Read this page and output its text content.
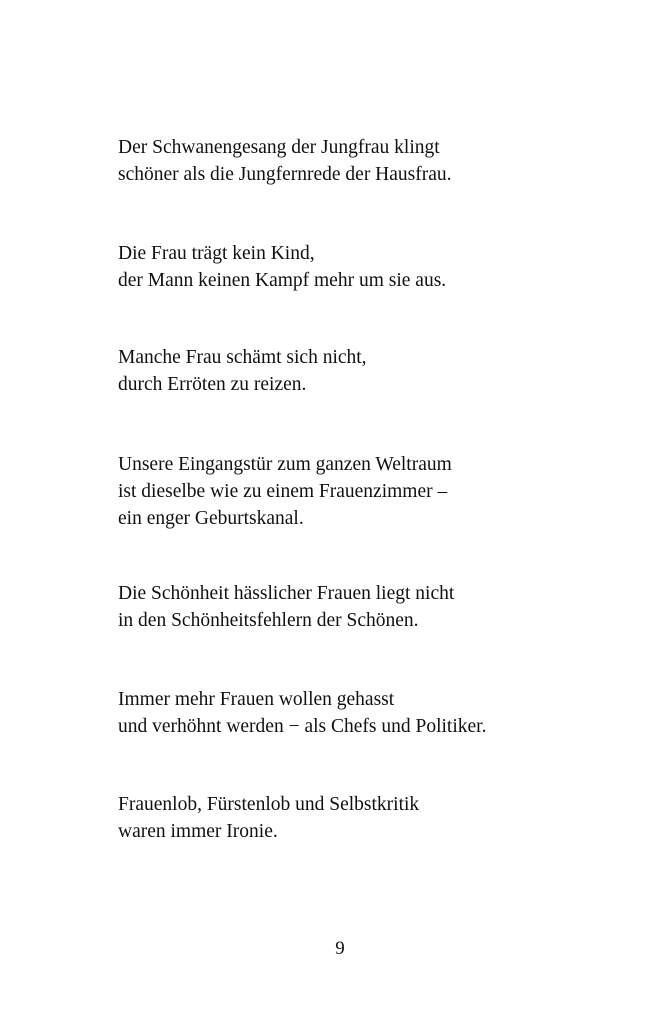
Der Schwanengesang der Jungfrau klingt
schöner als die Jungfernrede der Hausfrau.
Die Frau trägt kein Kind,
der Mann keinen Kampf mehr um sie aus.
Manche Frau schämt sich nicht,
durch Erröten zu reizen.
Unsere Eingangstür zum ganzen Weltraum
ist dieselbe wie zu einem Frauenzimmer –
ein enger Geburtskanal.
Die Schönheit hässlicher Frauen liegt nicht
in den Schönheitsfehlern der Schönen.
Immer mehr Frauen wollen gehasst
und verhöhnt werden − als Chefs und Politiker.
Frauenlob, Fürstenlob und Selbstkritik
waren immer Ironie.
9
